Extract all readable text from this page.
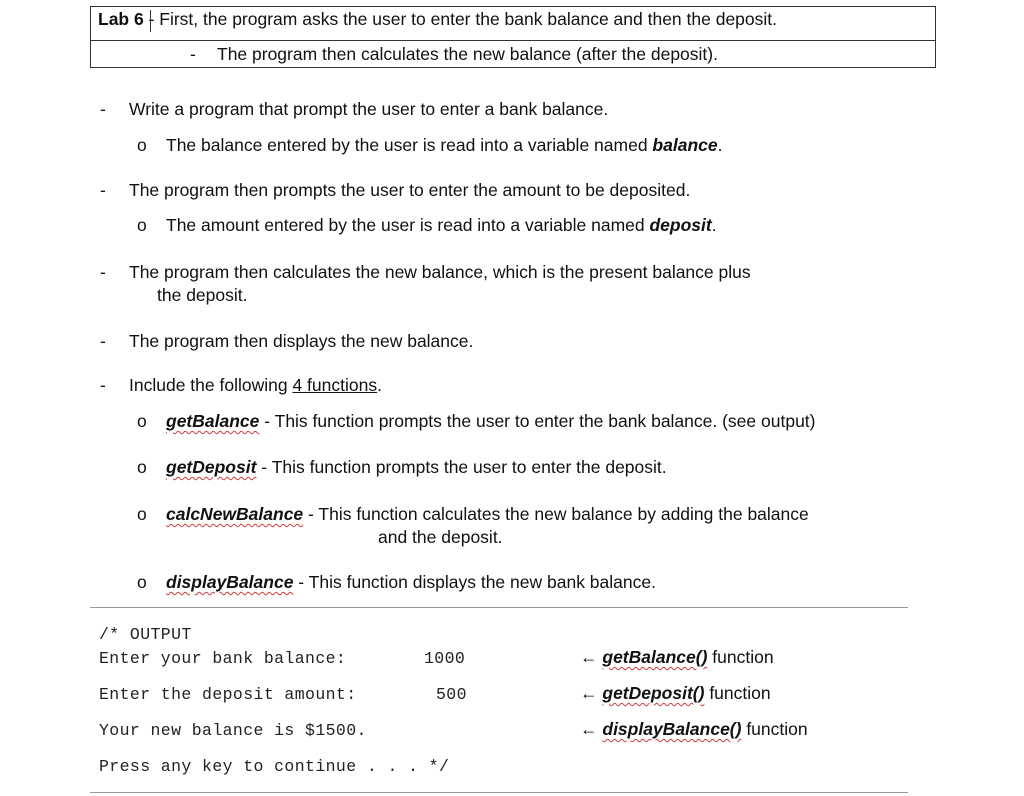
Lab 6 - First, the program asks the user to enter the bank balance and then the deposit.
- The program then calculates the new balance (after the deposit).
- Write a program that prompt the user to enter a bank balance.
o The balance entered by the user is read into a variable named balance.
- The program then prompts the user to enter the amount to be deposited.
o The amount entered by the user is read into a variable named deposit.
- The program then calculates the new balance, which is the present balance plus
the deposit.
- The program then displays the new balance.
- Include the following 4 functions.
o getBalance - This function prompts the user to enter the bank balance. (see output)
o getDeposit - This function prompts the user to enter the deposit.
o calcNewBalance - This function calculates the new balance by adding the balance
and the deposit.
o displayBalance - This function displays the new bank balance.
/* OUTPUT
Enter your bank balance:	1000	← getBalance() function
Enter the deposit amount:	500	← getDeposit() function
Your new balance is $1500.	← displayBalance() function
Press any key to continue . . . */
